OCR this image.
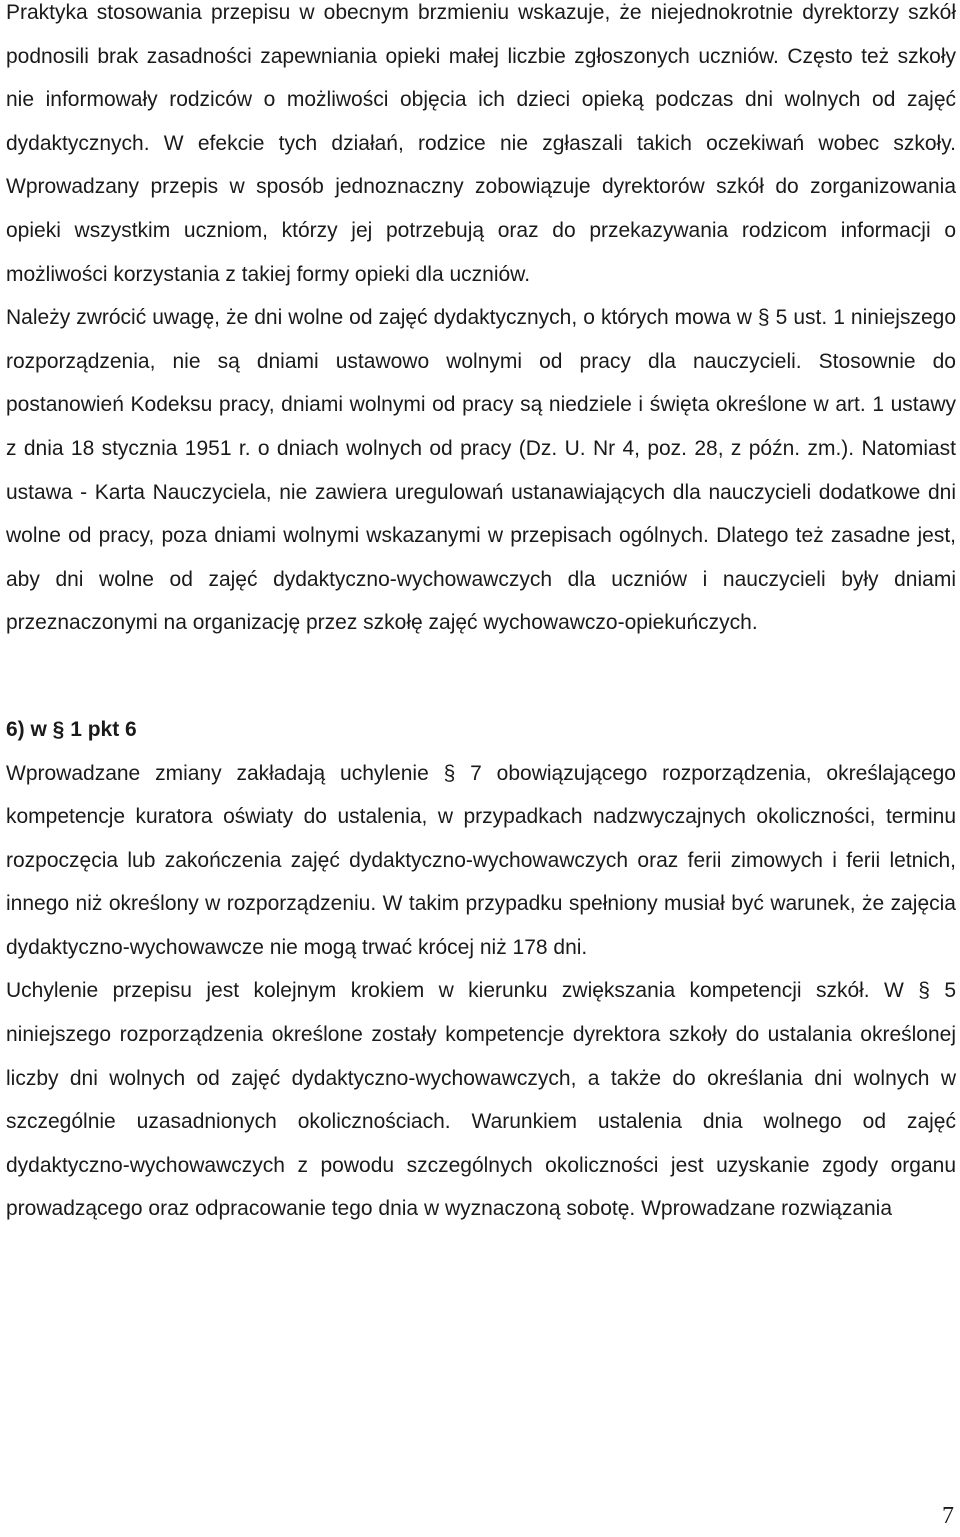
Praktyka stosowania przepisu w obecnym brzmieniu wskazuje, że niejednokrotnie dyrektorzy szkół podnosili brak zasadności zapewniania opieki małej liczbie zgłoszonych uczniów. Często też szkoły nie informowały rodziców o możliwości objęcia ich dzieci opieką podczas dni wolnych od zajęć dydaktycznych. W efekcie tych działań, rodzice nie zgłaszali takich oczekiwań wobec szkoły. Wprowadzany przepis w sposób jednoznaczny zobowiązuje dyrektorów szkół do zorganizowania opieki wszystkim uczniom, którzy jej potrzebują oraz do przekazywania rodzicom informacji o możliwości korzystania z takiej formy opieki dla uczniów.

Należy zwrócić uwagę, że dni wolne od zajęć dydaktycznych, o których mowa w § 5 ust. 1 niniejszego rozporządzenia, nie są dniami ustawowo wolnymi od pracy dla nauczycieli. Stosownie do postanowień Kodeksu pracy, dniami wolnymi od pracy są niedziele i święta określone w art. 1 ustawy z dnia 18 stycznia 1951 r. o dniach wolnych od pracy (Dz. U. Nr 4, poz. 28, z późn. zm.). Natomiast ustawa - Karta Nauczyciela, nie zawiera uregulowań ustanawiających dla nauczycieli dodatkowe dni wolne od pracy, poza dniami wolnymi wskazanymi w przepisach ogólnych. Dlatego też zasadne jest, aby dni wolne od zajęć dydaktyczno-wychowawczych dla uczniów i nauczycieli były dniami przeznaczonymi na organizację przez szkołę zajęć wychowawczo-opiekuńczych.

6) w § 1 pkt 6

Wprowadzane zmiany zakładają uchylenie § 7 obowiązującego rozporządzenia, określającego kompetencje kuratora oświaty do ustalenia, w przypadkach nadzwyczajnych okoliczności, terminu rozpoczęcia lub zakończenia zajęć dydaktyczno-wychowawczych oraz ferii zimowych i ferii letnich, innego niż określony w rozporządzeniu. W takim przypadku spełniony musiał być warunek, że zajęcia dydaktyczno-wychowawcze nie mogą trwać krócej niż 178 dni.

Uchylenie przepisu jest kolejnym krokiem w kierunku zwiększania kompetencji szkół. W § 5 niniejszego rozporządzenia określone zostały kompetencje dyrektora szkoły do ustalania określonej liczby dni wolnych od zajęć dydaktyczno-wychowawczych, a także do określania dni wolnych w szczególnie uzasadnionych okolicznościach. Warunkiem ustalenia dnia wolnego od zajęć dydaktyczno-wychowawczych z powodu szczególnych okoliczności jest uzyskanie zgody organu prowadzącego oraz odpracowanie tego dnia w wyznaczoną sobotę. Wprowadzane rozwiązania

7
